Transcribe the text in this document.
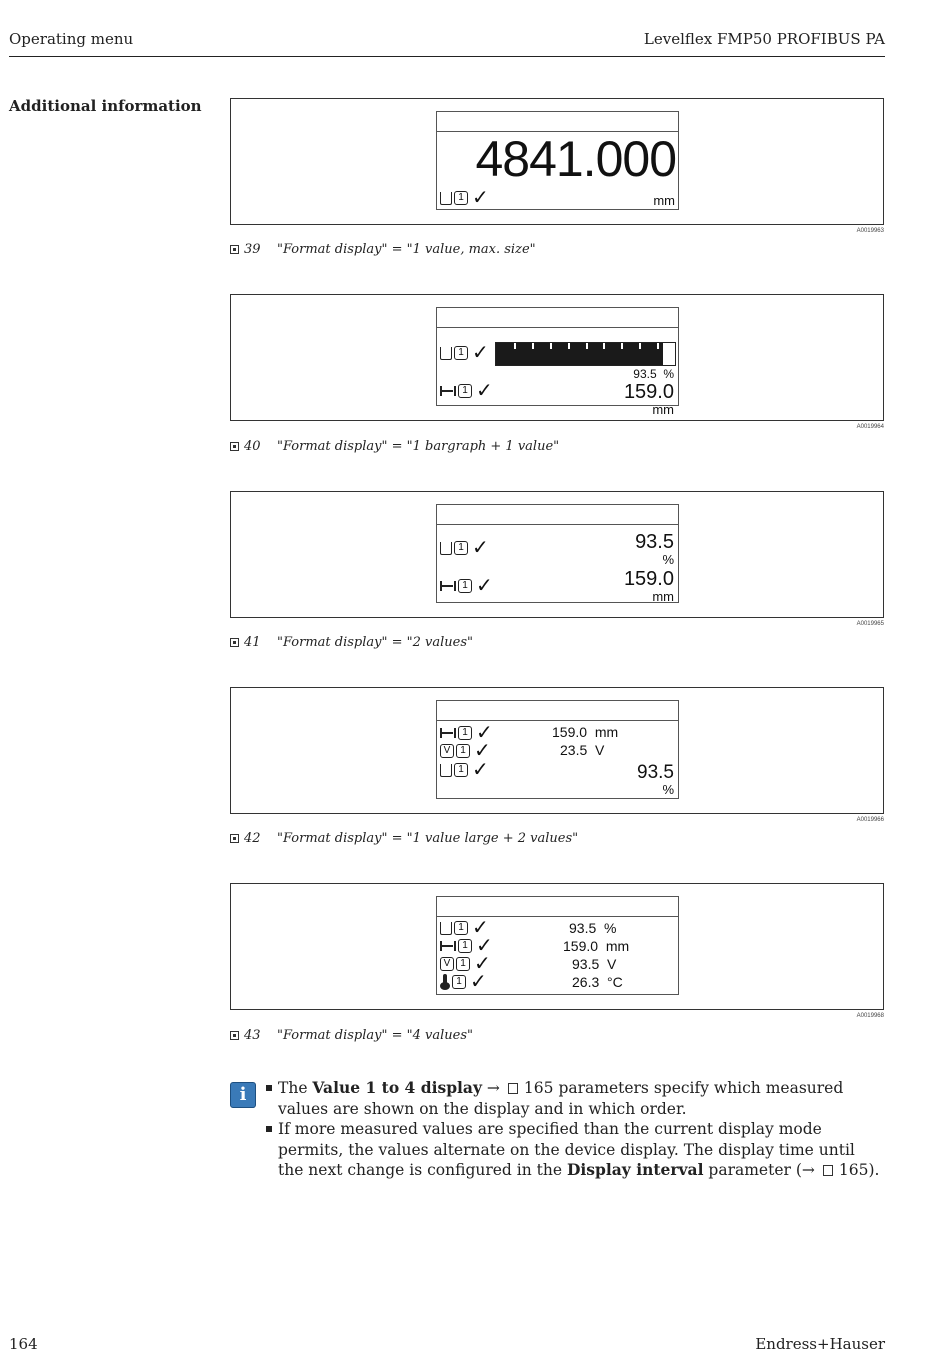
Operating menu	Levelflex FMP50 PROFIBUS PA
Additional information
4841.000
1 ✓	mm
A0019963
39 "Format display" = "1 value, max. size"
1 ✓
93.5 %
1 ✓	159.0
mm
A0019964
40 "Format display" = "1 bargraph + 1 value"
1 ✓	93.5
%
1 ✓	159.0
mm
A0019965
41 "Format display" = "2 values"
1 ✓	159.0  mm
V 1 ✓	23.5  V
1 ✓	93.5
%
A0019966
42 "Format display" = "1 value large + 2 values"
1 ✓	93.5  %
1 ✓	159.0  mm
V 1 ✓	93.5  V
1 ✓	26.3  °C
A0019968
43 "Format display" = "4 values"
i	The Value 1 to 4 display → 165 parameters specify which measured values are shown on the display and in which order.
If more measured values are specified than the current display mode permits, the values alternate on the device display. The display time until the next change is configured in the Display interval parameter (→ 165).
164	Endress+Hauser
